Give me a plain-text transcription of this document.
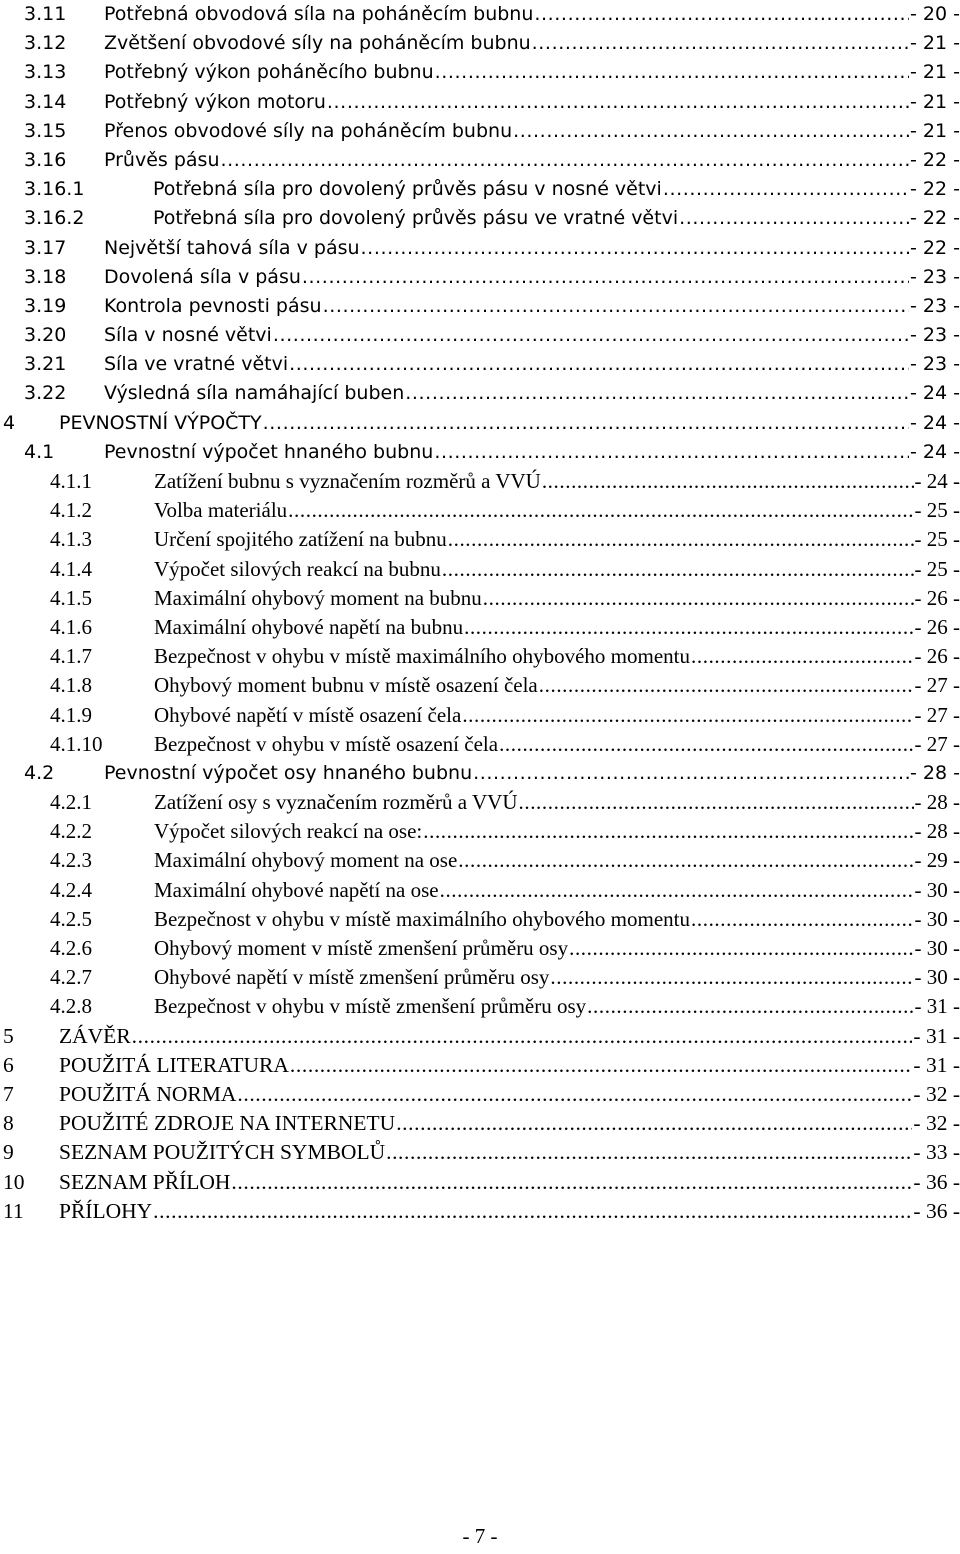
3.11 Potřebná obvodová síla na poháněcím bubnu .....	- 20 -
3.12 Zvětšení obvodové síly na poháněcím bubnu .....	- 21 -
3.13 Potřebný výkon poháněcího bubnu .....	- 21 -
3.14 Potřebný výkon motoru .....	- 21 -
3.15 Přenos obvodové síly na poháněcím bubnu .....	- 21 -
3.16 Průvěs pásu .....	- 22 -
3.16.1	Potřebná síla pro dovolený průvěs pásu v nosné větvi .....	- 22 -
3.16.2	Potřebná síla pro dovolený průvěs pásu ve vratné větvi .....	- 22 -
3.17 Největší tahová síla v pásu .....	- 22 -
3.18 Dovolená síla v pásu .....	- 23 -
3.19 Kontrola pevnosti pásu .....	- 23 -
3.20 Síla v nosné větvi .....	- 23 -
3.21 Síla ve vratné větvi .....	- 23 -
3.22 Výsledná síla namáhající buben .....	- 24 -
4 PEVNOSTNÍ VÝPOČTY .....	- 24 -
4.1	Pevnostní výpočet hnaného bubnu .....	- 24 -
4.1.1	Zatížení bubnu s vyznačením rozměrů a VVÚ .....	- 24 -
4.1.2	Volba materiálu .....	- 25 -
4.1.3	Určení spojitého zatížení na bubnu .....	- 25 -
4.1.4	Výpočet silových reakcí na bubnu .....	- 25 -
4.1.5	Maximální ohybový moment na bubnu .....	- 26 -
4.1.6	Maximální ohybové napětí na bubnu .....	- 26 -
4.1.7	Bezpečnost v ohybu v místě maximálního ohybového momentu .....	- 26 -
4.1.8	Ohybový moment bubnu v místě osazení čela .....	- 27 -
4.1.9	Ohybové napětí v místě osazení čela .....	- 27 -
4.1.10 Bezpečnost v ohybu v místě osazení čela .....	- 27 -
4.2	Pevnostní výpočet osy hnaného bubnu .....	- 28 -
4.2.1	Zatížení osy s vyznačením rozměrů a VVÚ .....	- 28 -
4.2.2	Výpočet silových reakcí na ose: .....	- 28 -
4.2.3	Maximální ohybový moment na ose .....	- 29 -
4.2.4	Maximální ohybové napětí na ose .....	- 30 -
4.2.5	Bezpečnost v ohybu v místě maximálního ohybového momentu .....	- 30 -
4.2.6	Ohybový moment v místě zmenšení průměru osy .....	- 30 -
4.2.7	Ohybové napětí v místě zmenšení průměru osy .....	- 30 -
4.2.8	Bezpečnost v ohybu v místě zmenšení průměru osy .....	- 31 -
5 ZÁVĚR .....	- 31 -
6 POUŽITÁ LITERATURA .....	- 31 -
7 POUŽITÁ NORMA .....	- 32 -
8 POUŽITÉ ZDROJE NA INTERNETU .....	- 32 -
9 SEZNAM POUŽITÝCH SYMBOLŮ .....	- 33 -
10 SEZNAM PŘÍLOH .....	- 36 -
11 PŘÍLOHY .....	- 36 -
- 7 -
